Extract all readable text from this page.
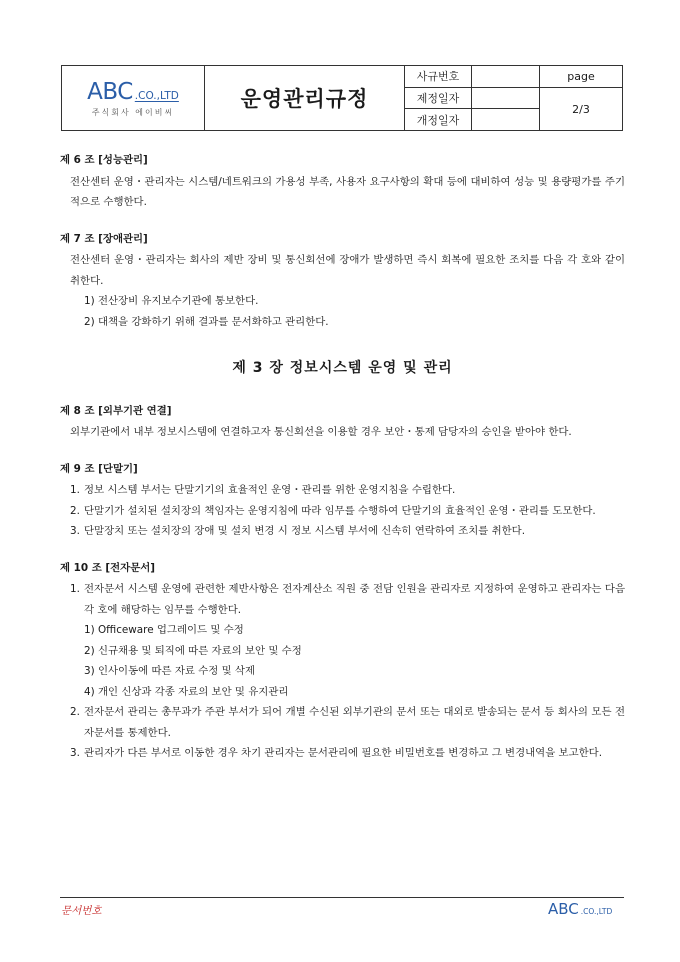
ABC .CO.,LTD
주식회사 에이비씨
운영관리규정
사규번호
제정일자
개정일자
page
2/3
제 6 조 [성능관리]
전산센터 운영・관리자는 시스템/네트워크의 가용성 부족, 사용자 요구사항의 확대 등에 대비하여 성능 및 용량평가를 주기적으로 수행한다.
제 7 조 [장애관리]
전산센터 운영・관리자는 회사의 제반 장비 및 통신회선에 장애가 발생하면 즉시 회복에 필요한 조치를 다음 각 호와 같이 취한다.
1) 전산장비 유지보수기관에 통보한다.
2) 대책을 강화하기 위해 결과를 문서화하고 관리한다.
제 3 장 정보시스템 운영 및 관리
제 8 조 [외부기관 연결]
외부기관에서 내부 정보시스템에 연결하고자 통신회선을 이용할 경우 보안・통제 담당자의 승인을 받아야 한다.
제 9 조 [단말기]
1. 정보 시스템 부서는 단말기기의 효율적인 운영・관리를 위한 운영지침을 수립한다.
2. 단말기가 설치된 설치장의 책임자는 운영지침에 따라 임무를 수행하여 단말기의 효율적인 운영・관리를 도모한다.
3. 단말장치 또는 설치장의 장애 및 설치 변경 시 정보 시스템 부서에 신속히 연락하여 조치를 취한다.
제 10 조 [전자문서]
1. 전자문서 시스템 운영에 관련한 제반사항은 전자계산소 직원 중 전담 인원을 관리자로 지정하여 운영하고 관리자는 다음 각 호에 해당하는 임무를 수행한다.
1) Officeware 업그레이드 및 수정
2) 신규채용 및 퇴직에 따른 자료의 보안 및 수정
3) 인사이동에 따른 자료 수정 및 삭제
4) 개인 신상과 각종 자료의 보안 및 유지관리
2. 전자문서 관리는 총무과가 주관 부서가 되어 개별 수신된 외부기관의 문서 또는 대외로 발송되는 문서 등 회사의 모든 전자문서를 통제한다.
3. 관리자가 다른 부서로 이동한 경우 차기 관리자는 문서관리에 필요한 비밀번호를 변경하고 그 변경내역을 보고한다.
문서번호	ABC .CO.,LTD
